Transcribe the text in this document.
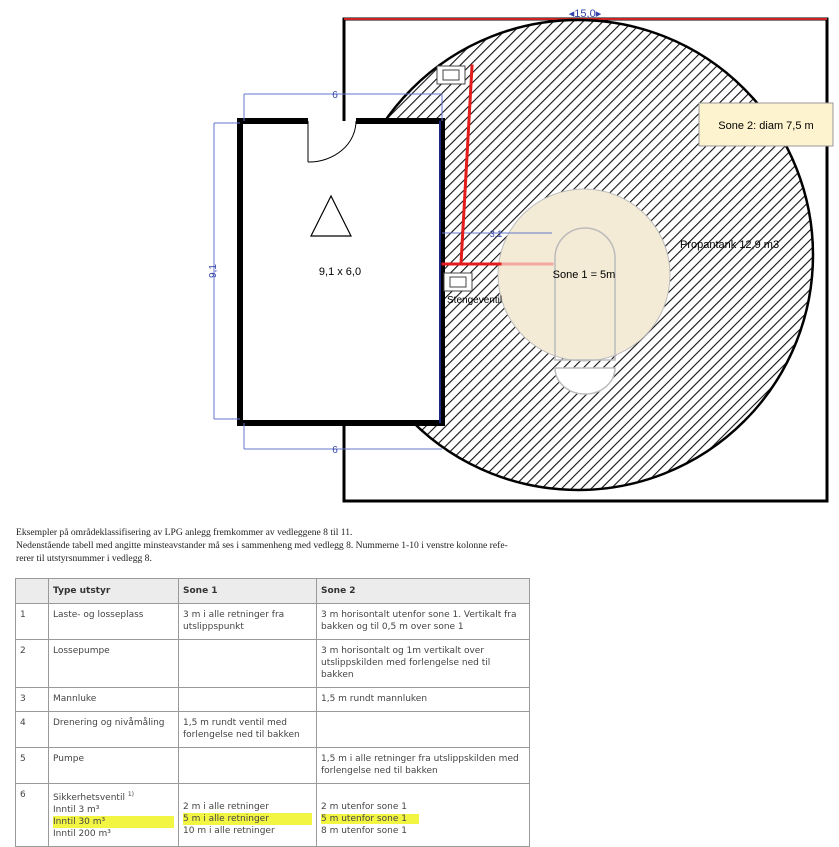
◂15,0▸
6
6
9,1
3,1
9,1 x 6,0	Sone 1 = 5m
Propantank 12,9 m3
Stengeventil
Sone 2: diam 7,5 m

Eksempler på områdeklassifisering av LPG anlegg fremkommer av vedleggene 8 til 11.

Nedenstående tabell med angitte minsteavstander må ses i sammenheng med vedlegg 8. Nummerne 1-10 i venstre kolonne refe-

rerer til utstyrsnummer i vedlegg 8.

	Type utstyr	Sone 1	Sone 2
1	Laste- og losseplass	3 m i alle retninger fra utslippspunkt	3 m horisontalt utenfor sone 1. Vertikalt fra bakken og til 0,5 m over sone 1
2	Lossepumpe		3 m horisontalt og 1m vertikalt over utslippskilden med forlengelse ned til bakken
3	Mannluke		1,5 m rundt mannluken
4	Drenering og nivåmåling	1,5 m rundt ventil med forlengelse ned til bakken	
5	Pumpe		1,5 m i alle retninger fra utslippskilden med forlengelse ned til bakken
6	Sikkerhetsventil $^{1)}$
Inntil 3 m³
Inntil 30 m³
Inntil 200 m³	2 m i alle retninger
5 m i alle retninger
10 m i alle retninger	2 m utenfor sone 1
5 m utenfor sone 1
8 m utenfor sone 1
